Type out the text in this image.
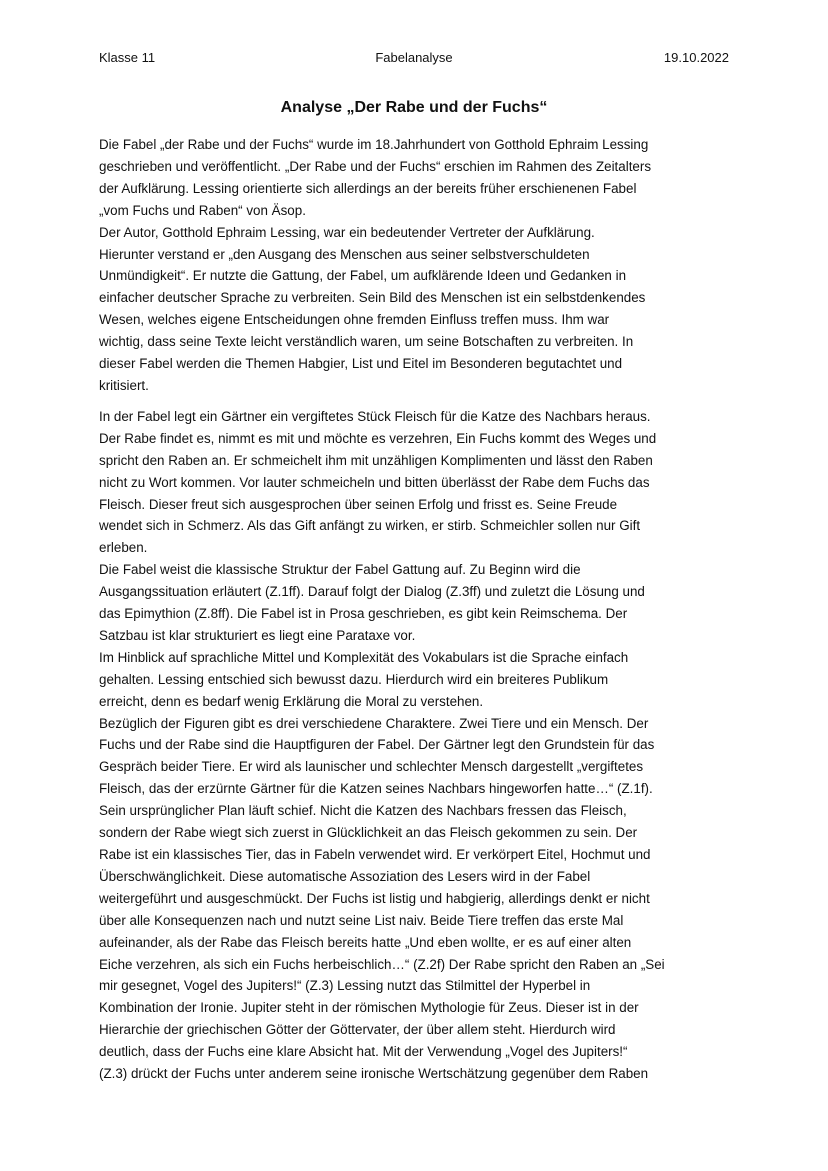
Fabelanalyse
Klasse 11	19.10.2022
Analyse „Der Rabe und der Fuchs“

Die Fabel „der Rabe und der Fuchs“ wurde im 18.Jahrhundert von Gotthold Ephraim Lessing
geschrieben und veröffentlicht. „Der Rabe und der Fuchs“ erschien im Rahmen des Zeitalters
der Aufklärung. Lessing orientierte sich allerdings an der bereits früher erschienenen Fabel
„vom Fuchs und Raben“ von Äsop.

Der Autor, Gotthold Ephraim Lessing, war ein bedeutender Vertreter der Aufklärung.
Hierunter verstand er „den Ausgang des Menschen aus seiner selbstverschuldeten
Unmündigkeit“. Er nutzte die Gattung, der Fabel, um aufklärende Ideen und Gedanken in
einfacher deutscher Sprache zu verbreiten. Sein Bild des Menschen ist ein selbstdenkendes
Wesen, welches eigene Entscheidungen ohne fremden Einfluss treffen muss. Ihm war
wichtig, dass seine Texte leicht verständlich waren, um seine Botschaften zu verbreiten. In
dieser Fabel werden die Themen Habgier, List und Eitel im Besonderen begutachtet und
kritisiert.

In der Fabel legt ein Gärtner ein vergiftetes Stück Fleisch für die Katze des Nachbars heraus.
Der Rabe findet es, nimmt es mit und möchte es verzehren, Ein Fuchs kommt des Weges und
spricht den Raben an. Er schmeichelt ihm mit unzähligen Komplimenten und lässt den Raben
nicht zu Wort kommen. Vor lauter schmeicheln und bitten überlässt der Rabe dem Fuchs das
Fleisch. Dieser freut sich ausgesprochen über seinen Erfolg und frisst es. Seine Freude
wendet sich in Schmerz. Als das Gift anfängt zu wirken, er stirb. Schmeichler sollen nur Gift
erleben.

Die Fabel weist die klassische Struktur der Fabel Gattung auf. Zu Beginn wird die
Ausgangssituation erläutert (Z.1ff). Darauf folgt der Dialog (Z.3ff) und zuletzt die Lösung und
das Epimythion (Z.8ff). Die Fabel ist in Prosa geschrieben, es gibt kein Reimschema. Der
Satzbau ist klar strukturiert es liegt eine Parataxe vor.

Im Hinblick auf sprachliche Mittel und Komplexität des Vokabulars ist die Sprache einfach
gehalten. Lessing entschied sich bewusst dazu. Hierdurch wird ein breiteres Publikum
erreicht, denn es bedarf wenig Erklärung die Moral zu verstehen.

Bezüglich der Figuren gibt es drei verschiedene Charaktere. Zwei Tiere und ein Mensch. Der
Fuchs und der Rabe sind die Hauptfiguren der Fabel. Der Gärtner legt den Grundstein für das
Gespräch beider Tiere. Er wird als launischer und schlechter Mensch dargestellt „vergiftetes
Fleisch, das der erzürnte Gärtner für die Katzen seines Nachbars hingeworfen hatte…“ (Z.1f).
Sein ursprünglicher Plan läuft schief. Nicht die Katzen des Nachbars fressen das Fleisch,
sondern der Rabe wiegt sich zuerst in Glücklichkeit an das Fleisch gekommen zu sein. Der
Rabe ist ein klassisches Tier, das in Fabeln verwendet wird. Er verkörpert Eitel, Hochmut und
Überschwänglichkeit. Diese automatische Assoziation des Lesers wird in der Fabel
weitergeführt und ausgeschmückt. Der Fuchs ist listig und habgierig, allerdings denkt er nicht
über alle Konsequenzen nach und nutzt seine List naiv. Beide Tiere treffen das erste Mal
aufeinander, als der Rabe das Fleisch bereits hatte „Und eben wollte, er es auf einer alten
Eiche verzehren, als sich ein Fuchs herbeischlich…“ (Z.2f) Der Rabe spricht den Raben an „Sei
mir gesegnet, Vogel des Jupiters!“ (Z.3) Lessing nutzt das Stilmittel der Hyperbel in
Kombination der Ironie. Jupiter steht in der römischen Mythologie für Zeus. Dieser ist in der
Hierarchie der griechischen Götter der Göttervater, der über allem steht. Hierdurch wird
deutlich, dass der Fuchs eine klare Absicht hat. Mit der Verwendung „Vogel des Jupiters!“
(Z.3) drückt der Fuchs unter anderem seine ironische Wertschätzung gegenüber dem Raben
